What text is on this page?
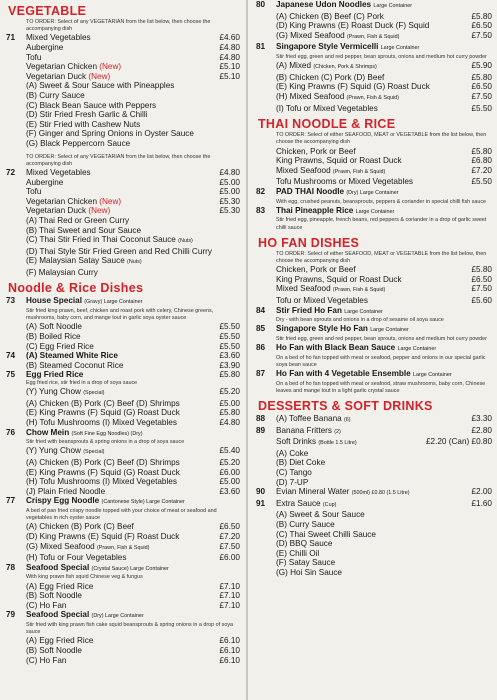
VEGETABLE
TO ORDER: Select of any VEGETARIAN from the list below, then choose the accompanying dish
71 Mixed Vegetables	£4.60
Aubergine	£4.80
Tofu	£4.80
Vegetarian Chicken (New)	£5.10
Vegetarian Duck (New)	£5.10
(A) Sweet & Sour Sauce with Pineapples
(B) Curry Sauce
(C) Black Bean Sauce with Peppers
(D) Stir Fried Fresh Garlic & Chilli
(E) Stir Fried with Cashew Nuts
(F) Ginger and Spring Onions in Oyster Sauce
(G) Black Peppercorn Sauce
TO ORDER: Select of any VEGETARIAN from the list below, then choose the accompanying dish
72 Mixed Vegetables	£4.80
Aubergine	£5.00
Tofu	£5.00
Vegetarian Chicken (New)	£5.30
Vegetarian Duck (New)	£5.30
(A) Thai Red or Green Curry
(B) Thai Sweet and Sour Sauce
(C) Thai Stir Fried in Thai Coconut Sauce (Nuts)
(D) Thai Style Stir Fried Green and Red Chilli Curry
(E) Malaysian Satay Sauce (Nuts)
(F) Malaysian Curry
Noodle & Rice Dishes
73 House Special (Gravy) Large Container
Stir fried king prawn, beef, chicken and roast pork with celery, Chinese greens, mushrooms, baby corn, and mange tout in garlic soya oyster sauce
(A) Soft Noodle	£5.50
(B) Boiled Rice	£5.50
(C) Egg Fried Rice	£5.50
74 (A) Steamed White Rice	£3.60
(B) Steamed Coconut Rice	£3.90
75 Egg Fried Rice	£5.80
Egg fried rice, stir fried in a drop of soya sauce
(Y) Yung Chow (Special)	£5.20
(A) Chicken (B) Pork (C) Beef (D) Shrimps	£5.00
(E) King Prawns (F) Squid (G) Roast Duck	£5.80
(H) Tofu Mushrooms (I) Mixed Vegetables	£4.80
76 Chow Mein (Soft Fine Egg Noodles) (Dry)
Stir fried with beansprouts & spring onions in a drop of soya sauce
(Y) Yung Chow (Special)	£5.40
(A) Chicken (B) Pork (C) Beef (D) Shrimps	£5.20
(E) King Prawns (F) Squid (G) Roast Duck	£6.00
(H) Tofu Mushrooms (I) Mixed Vegetables	£5.00
(J) Plain Fried Noodle	£3.60
77 Crispy Egg Noodle (Cantonese Style) Large Container
A bed of pan fried crispy noodle topped with your choice of meat or seafood and vegetables in rich oyster sauce
(A) Chicken (B) Pork (C) Beef	£6.50
(D) King Prawns (E) Squid (F) Roast Duck	£7.20
(G) Mixed Seafood (Prawn, Fish & Squid)	£7.50
(H) Tofu or Four Vegetables	£6.00
78 Seafood Special (Crystal Sauce) Large Container
With king prawn fish squid Chinese veg & fungus
(A) Egg Fried Rice	£7.10
(B) Soft Noodle	£7.10
(C) Ho Fan	£7.10
79 Seafood Special (Dry) Large Container
Stir fried with king prawn fish cake squid beansprouts & spring onions in a drop of soya sauce
(A) Egg Fried Rice	£6.10
(B) Soft Noodle	£6.10
(C) Ho Fan	£6.10
80 Japanese Udon Noodles Large Container
(A) Chicken (B) Beef (C) Pork	£5.80
(D) King Prawns (E) Roast Duck (F) Squid	£6.50
(G) Mixed Seafood (Prawn, Fish & Squid)	£7.50
81 Singapore Style Vermicelli Large Container
Stir fried egg, green and red pepper, bean sprouts, onions and medium hot curry powder
(A) Mixed (Chicken, Pork & Shrimps)	£5.90
(B) Chicken (C) Pork (D) Beef	£5.80
(E) King Prawns (F) Squid (G) Roast Duck	£6.50
(H) Mixed Seafood (Prawn, Fish & Squid)	£7.50
(I) Tofu or Mixed Vegetables	£5.50
THAI NOODLE & RICE
TO ORDER: Select of either SEAFOOD, MEAT or VEGETABLE from the list below, then choose the accompanying dish
Chicken, Pork or Beef	£5.80
King Prawns, Squid or Roast Duck	£6.80
Mixed Seafood (Prawn, Fish & Squid)	£7.20
Tofu Mushrooms or Mixed Vegetables	£5.50
82 PAD THAI Noodle (Dry) Large Container
With egg, crushed peanuts, beansprouts, peppers & coriander in special chilli fish sauce
83 Thai Pineapple Rice Large Container
Stir fried egg, pineapple, french beans, red peppers & coriander in a drop of garlic sweet chilli sauce
HO FAN DISHES
TO ORDER: Select of either SEAFOOD, MEAT or VEGETABLE from the list below, then choose the accompanying dish
Chicken, Pork or Beef	£5.80
King Prawns, Squid or Roast Duck	£6.50
Mixed Seafood (Prawn, Fish & Squid)	£7.50
Tofu or Mixed Vegetables	£5.60
84 Stir Fried Ho Fan Large Container
Dry - with bean sprouts and onions in a drop of sesame oil soya sauce
85 Singapore Style Ho Fan Large Container
Stir fried egg, green and red pepper, bean sprouts, onions and medium hot curry powder
86 Ho Fan with Black Bean Sauce Large Container
On a bed of ho fan topped with meat or seafood, pepper and onions in our special garlic soya bean sauce
87 Ho Fan with 4 Vegetable Ensemble Large Container
On a bed of ho fan topped with meat or seafood, straw mushrooms, baby corn, Chinese leaves and mange tout in a light garlic crystal sauce
DESSERTS & SOFT DRINKS
88 (A) Toffee Banana (6)	£3.30
89 Banana Fritters (2)	£2.80
Soft Drinks (Bottle 1.5 Litre)	£2.20 (Can) £0.80
(A) Coke
(B) Diet Coke
(C) Tango
(D) 7-UP
90 Evian Mineral Water (500ml) £0.80 (1.5 Litre)	£2.00
91 Extra Sauce (Cup)	£1.60
(A) Sweet & Sour Sauce
(B) Curry Sauce
(C) Thai Sweet Chilli Sauce
(D) BBQ Sauce
(E) Chilli Oil
(F) Satay Sauce
(G) Hoi Sin Sauce
